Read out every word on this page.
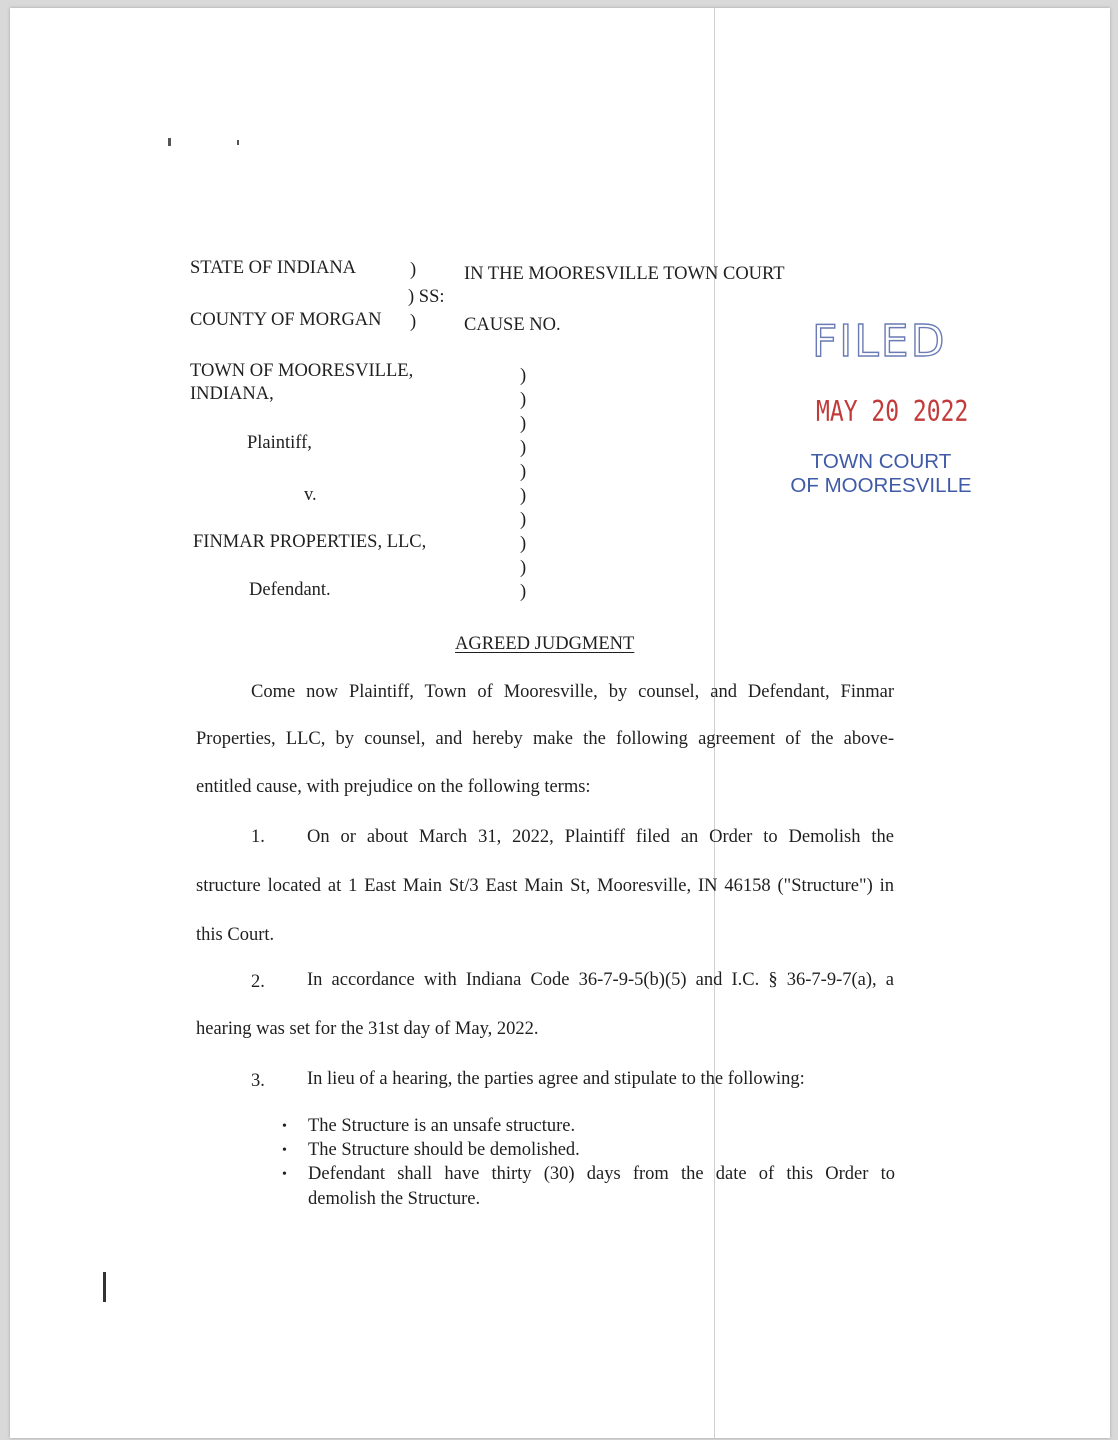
STATE OF INDIANA	)
) SS:
COUNTY OF MORGAN )
IN THE MOORESVILLE TOWN COURT
CAUSE NO.
TOWN OF MOORESVILLE,
INDIANA,
Plaintiff,
v.
FINMAR PROPERTIES, LLC,
Defendant.
)
)
)
)
)
)
)
)
)
)
FILED
MAY 20 2022
TOWN COURT
OF MOORESVILLE
AGREED JUDGMENT
Come now Plaintiff, Town of Mooresville, by counsel, and Defendant, Finmar
Properties, LLC, by counsel, and hereby make the following agreement of the above-
entitled cause, with prejudice on the following terms:
1. On or about March 31, 2022, Plaintiff filed an Order to Demolish the
structure located at 1 East Main St/3 East Main St, Mooresville, IN 46158 ("Structure") in
this Court.
2. In accordance with Indiana Code 36-7-9-5(b)(5) and I.C. § 36-7-9-7(a), a
hearing was set for the 31st day of May, 2022.
3. In lieu of a hearing, the parties agree and stipulate to the following:
• The Structure is an unsafe structure.
• The Structure should be demolished.
• Defendant shall have thirty (30) days from the date of this Order to
demolish the Structure.
